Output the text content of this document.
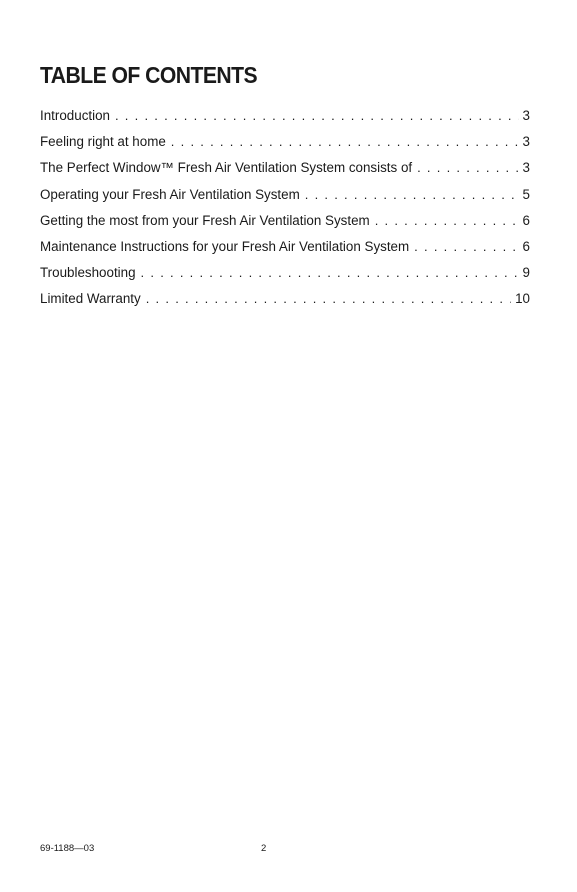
TABLE OF CONTENTS
Introduction . . .	3
Feeling right at home . . .	3
The Perfect Window™ Fresh Air Ventilation System consists of . . .	3
Operating your Fresh Air Ventilation System . . .	5
Getting the most from your Fresh Air Ventilation System . . .	6
Maintenance Instructions for your Fresh Air Ventilation System . . .	6
Troubleshooting . . .	9
Limited Warranty . . .	10
69-1188—03	2
